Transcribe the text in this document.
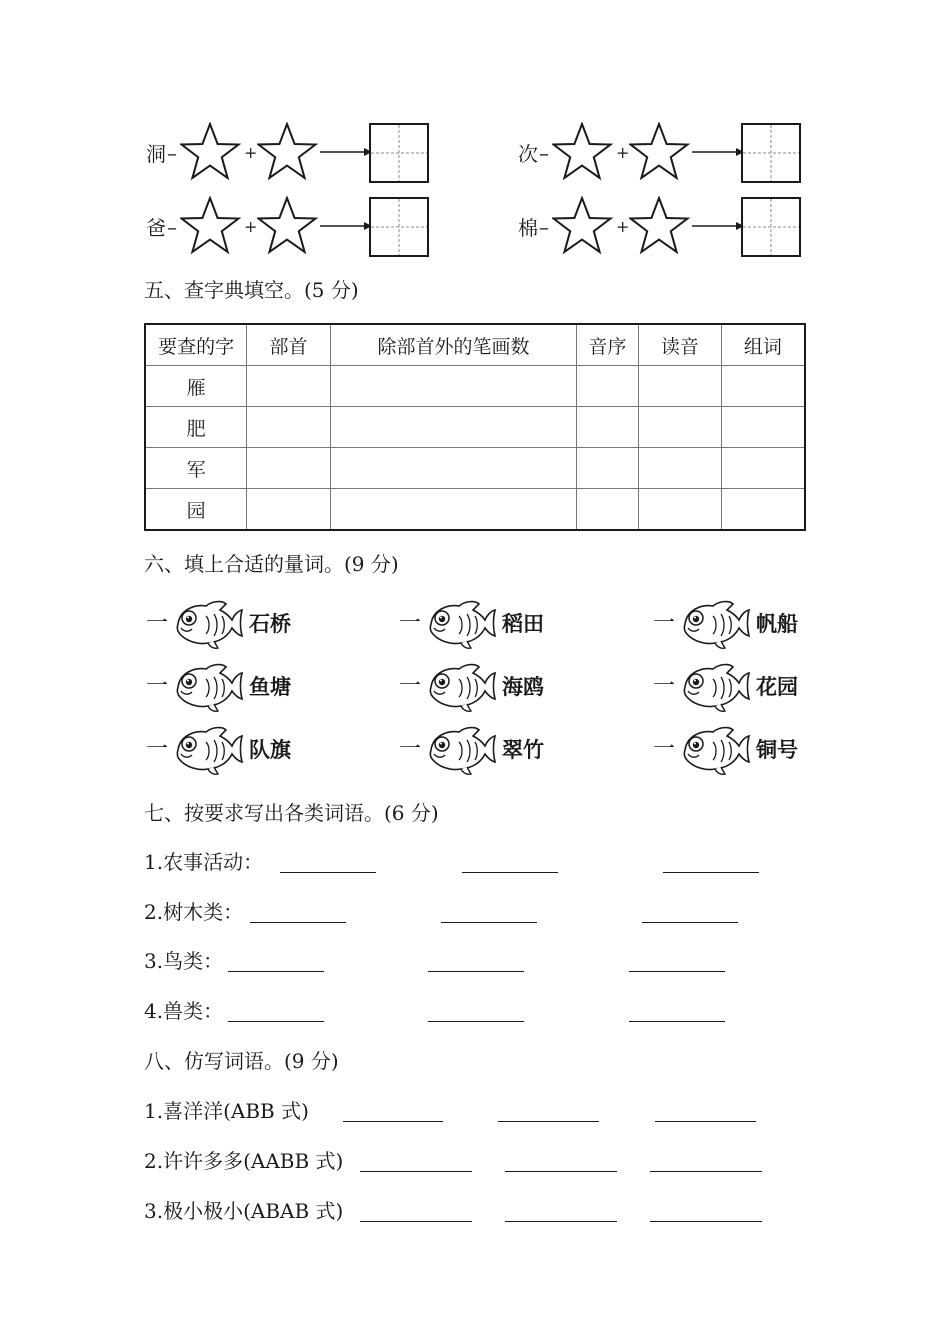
洞 –	+	次 –	+
爸 –	+	棉 –	+
五、查字典填空。(5 分)
要查的字	部首	除部首外的笔画数	音序	读音	组词
雁					
肥					
军					
园					
六、填上合适的量词。(9 分)
一	石桥	一	稻田	一	帆船
一	鱼塘	一	海鸥	一	花园
一	队旗	一	翠竹	一	铜号
七、按要求写出各类词语。(6 分)
1.农事活动：
2.树木类：
3.鸟类：
4.兽类：
八、仿写词语。(9 分)
1.喜洋洋(ABB 式)
2.许许多多(AABB 式)
3.极小极小(ABAB 式)
